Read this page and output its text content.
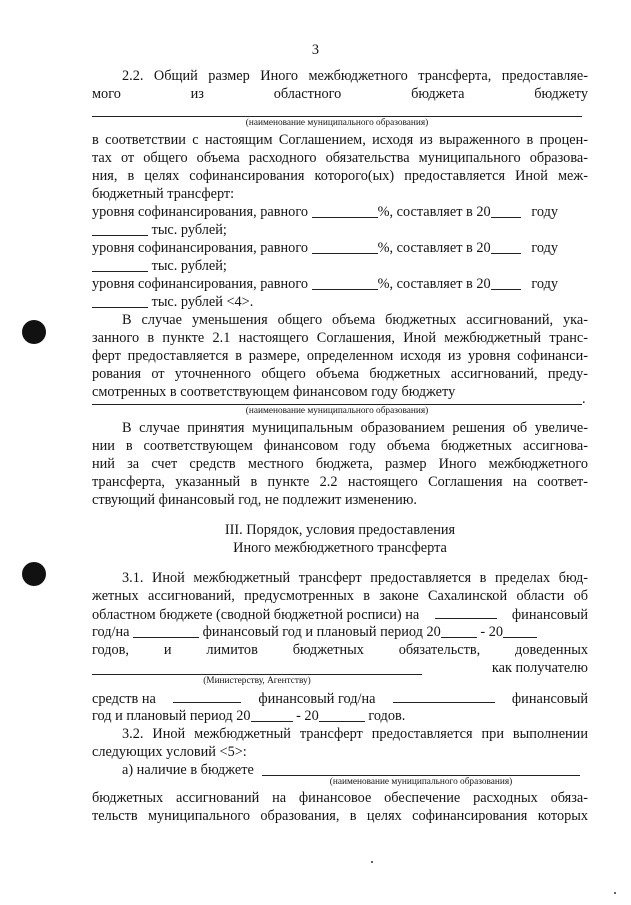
3
2.2. Общий размер Иного межбюджетного трансферта, предоставляе-
мого	из	областного	бюджета	бюджету
(наименование муниципального образования)
в соответствии с настоящим Соглашением, исходя из выраженного в процен-
тах от общего объема расходного обязательства муниципального образова-
ния, в целях софинансирования которого(ых) предоставляется Иной меж-
бюджетный трансферт:
уровня софинансирования, равного	%, составляет в 20	году
тыс. рублей;
уровня софинансирования, равного	%, составляет в 20	году
тыс. рублей;
уровня софинансирования, равного	%, составляет в 20	году
тыс. рублей <4>.
В случае уменьшения общего объема бюджетных ассигнований, ука-
занного в пункте 2.1 настоящего Соглашения, Иной межбюджетный транс-
ферт предоставляется в размере, определенном исходя из уровня софинанси-
рования от уточненного общего объема бюджетных ассигнований, преду-
смотренных в соответствующем финансовом году бюджету	.
(наименование муниципального образования)
В случае принятия муниципальным образованием решения об увеличе-
нии в соответствующем финансовом году объема бюджетных ассигнова-
ний за счет средств местного бюджета, размер Иного межбюджетного
трансферта, указанный в пункте 2.2 настоящего Соглашения на соответ-
ствующий финансовый год, не подлежит изменению.
III. Порядок, условия предоставления
Иного межбюджетного трансферта
3.1. Иной межбюджетный трансферт предоставляется в пределах бюд-
жетных ассигнований, предусмотренных в законе Сахалинской области об
областном бюджете (сводной бюджетной росписи) на	финансовый
год/на	финансовый год и плановый период 20	- 20
годов, и лимитов бюджетных обязательств, доведенных
как получателю
(Министерству, Агентству)
средств на	финансовый год/на	финансовый
год и плановый период 20	- 20	годов.
3.2. Иной межбюджетный трансферт предоставляется при выполнении
следующих условий <5>:
а) наличие в бюджете
(наименование муниципального образования)
бюджетных ассигнований на финансовое обеспечение расходных обяза-
тельств муниципального образования, в целях софинансирования которых
